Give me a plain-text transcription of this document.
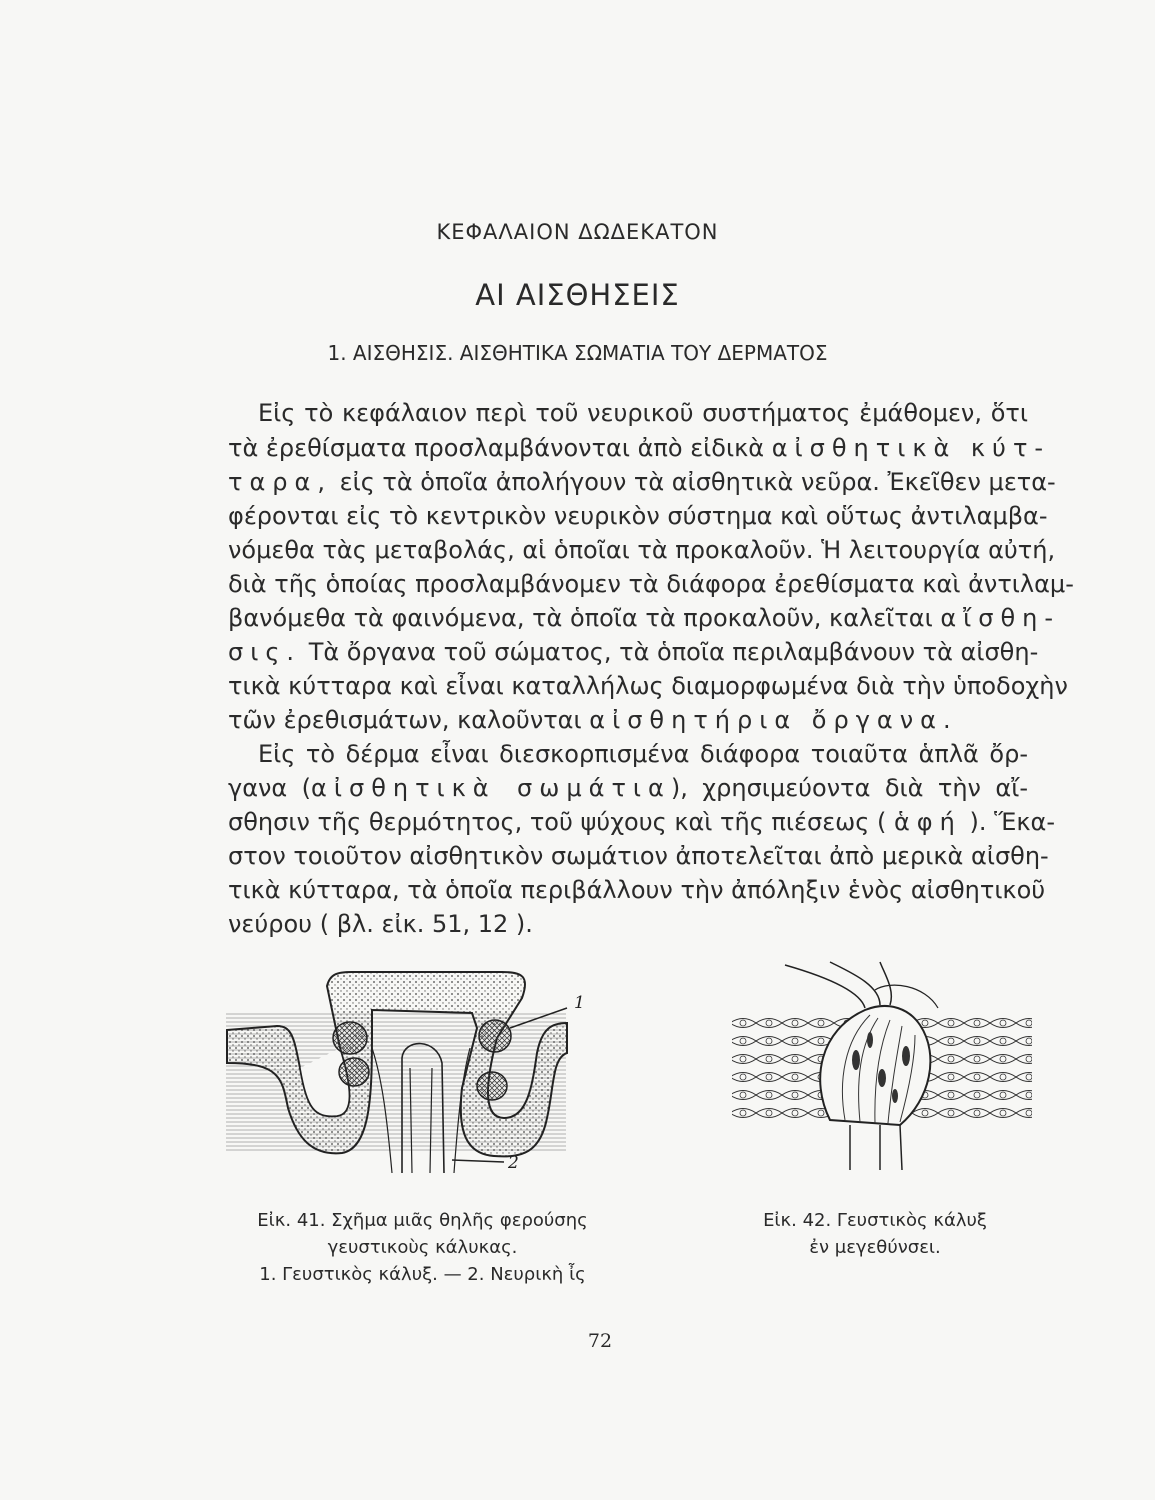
ΚΕΦΑΛΑΙΟΝ ΔΩΔΕΚΑΤΟΝ
ΑΙ ΑΙΣΘΗΣΕΙΣ
1. ΑΙΣΘΗΣΙΣ. ΑΙΣΘΗΤΙΚΑ ΣΩΜΑΤΙΑ ΤΟΥ ΔΕΡΜΑΤΟΣ
Εἰς τὸ κεφάλαιον περὶ τοῦ νευρικοῦ συστήματος ἐμάθομεν, ὅτι
τὰ ἐρεθίσματα προσλαμβάνονται ἀπὸ εἰδικὰ αἰσθητικὰ κύτ-
ταρα, εἰς τὰ ὁποῖα ἀπολήγουν τὰ αἰσθητικὰ νεῦρα. Ἐκεῖθεν μετα-
φέρονται εἰς τὸ κεντρικὸν νευρικὸν σύστημα καὶ οὕτως ἀντιλαμβα-
νόμεθα τὰς μεταβολάς, αἱ ὁποῖαι τὰ προκαλοῦν. Ἡ λειτουργία αὐτή,
διὰ τῆς ὁποίας προσλαμβάνομεν τὰ διάφορα ἐρεθίσματα καὶ ἀντιλαμ-
βανόμεθα τὰ φαινόμενα, τὰ ὁποῖα τὰ προκαλοῦν, καλεῖται αἴσθη-
σις. Τὰ ὄργανα τοῦ σώματος, τὰ ὁποῖα περιλαμβάνουν τὰ αἰσθη-
τικὰ κύτταρα καὶ εἶναι καταλλήλως διαμορφωμένα διὰ τὴν ὑποδοχὴν
τῶν ἐρεθισμάτων, καλοῦνται αἰσθητήρια ὄργανα.
Εἰς τὸ δέρμα εἶναι διεσκορπισμένα διάφορα τοιαῦτα ἁπλᾶ ὄρ-
γανα (αἰσθητικὰ σωμάτια), χρησιμεύοντα διὰ τὴν αἴ-
σθησιν τῆς θερμότητος, τοῦ ψύχους καὶ τῆς πιέσεως ( ἁφή ). Ἕκα-
στον τοιοῦτον αἰσθητικὸν σωμάτιον ἀποτελεῖται ἀπὸ μερικὰ αἰσθη-
τικὰ κύτταρα, τὰ ὁποῖα περιβάλλουν τὴν ἀπόληξιν ἑνὸς αἰσθητικοῦ
νεύρου ( βλ. εἰκ. 51, 12 ).
1
2
Εἰκ. 41. Σχῆμα μιᾶς θηλῆς φερούσης
γευστικοὺς κάλυκας.
1. Γευστικὸς κάλυξ. — 2. Νευρικὴ ἶς
Εἰκ. 42. Γευστικὸς κάλυξ
ἐν μεγεθύνσει.
72
